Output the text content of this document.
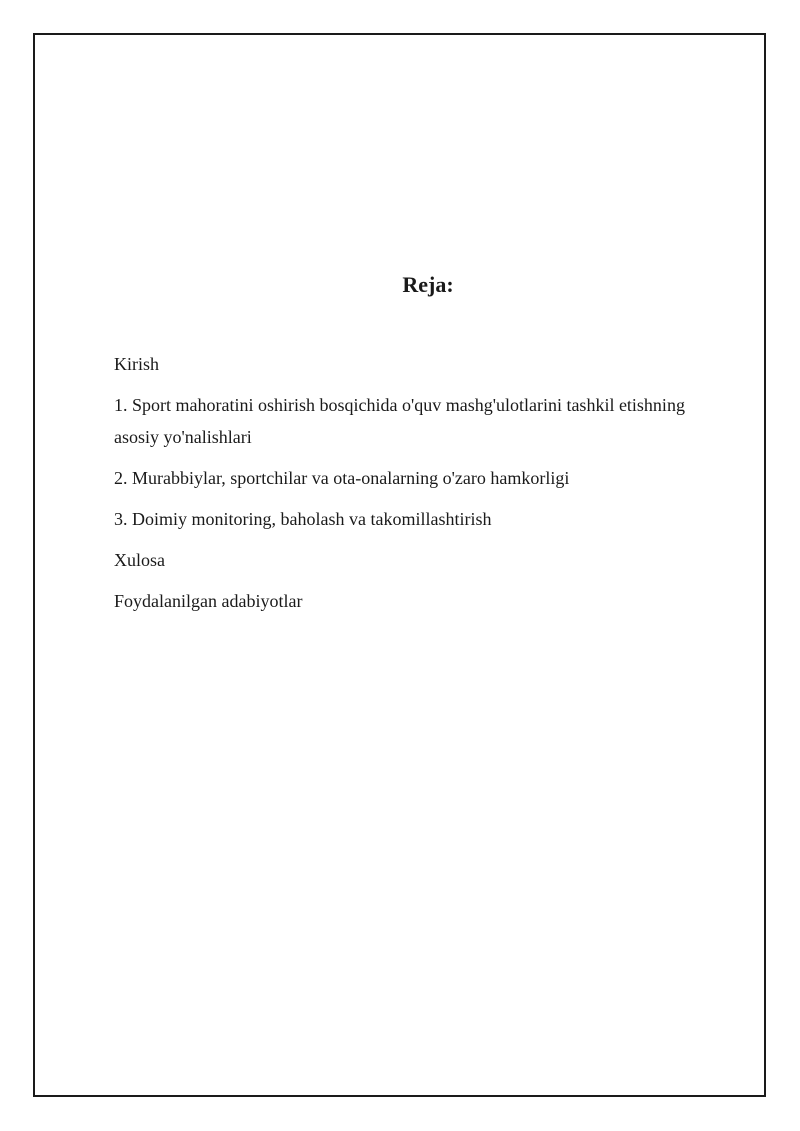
Reja:
Kirish
1. Sport mahoratini oshirish bosqichida o'quv mashg'ulotlarini tashkil etishning asosiy yo'nalishlari
2. Murabbiylar, sportchilar va ota-onalarning o'zaro hamkorligi
3. Doimiy monitoring, baholash va takomillashtirish
Xulosa
Foydalanilgan adabiyotlar
